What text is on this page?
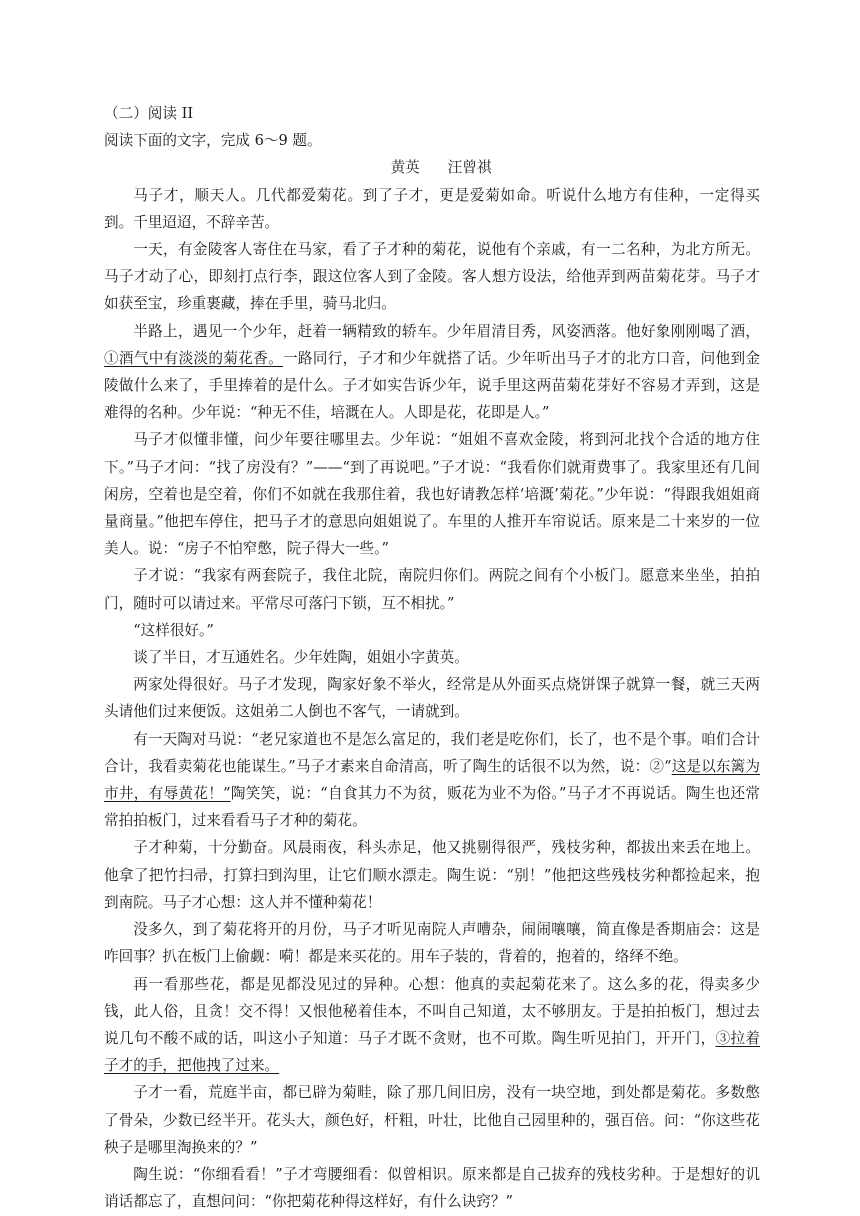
（二）阅读 II
阅读下面的文字，完成 6～9 题。
黄英 汪曾祺

马子才，顺天人。几代都爱菊花。到了子才，更是爱菊如命。听说什么地方有佳种，一定得买到。千里迢迢，不辞辛苦。

一天，有金陵客人寄住在马家，看了子才种的菊花，说他有个亲戚，有一二名种，为北方所无。马子才动了心，即刻打点行李，跟这位客人到了金陵。客人想方设法，给他弄到两苗菊花芽。马子才如获至宝，珍重裹藏，捧在手里，骑马北归。

半路上，遇见一个少年，赶着一辆精致的轿车。少年眉清目秀，风姿洒落。他好象刚刚喝了酒，①酒气中有淡淡的菊花香。一路同行，子才和少年就搭了话。少年听出马子才的北方口音，问他到金陵做什么来了，手里捧着的是什么。子才如实告诉少年，说手里这两苗菊花芽好不容易才弄到，这是难得的名种。少年说：“种无不佳，培溉在人。人即是花，花即是人。”

马子才似懂非懂，问少年要往哪里去。少年说：“姐姐不喜欢金陵，将到河北找个合适的地方住下。”马子才问：“找了房没有？”——“到了再说吧。”子才说：“我看你们就甭费事了。我家里还有几间闲房，空着也是空着，你们不如就在我那住着，我也好请教怎样‘培溉’菊花。”少年说：“得跟我姐姐商量商量。”他把车停住，把马子才的意思向姐姐说了。车里的人推开车帘说话。原来是二十来岁的一位美人。说：“房子不怕窄憋，院子得大一些。”

子才说：“我家有两套院子，我住北院，南院归你们。两院之间有个小板门。愿意来坐坐，拍拍门，随时可以请过来。平常尽可落闩下锁，互不相扰。”

“这样很好。”

谈了半日，才互通姓名。少年姓陶，姐姐小字黄英。

两家处得很好。马子才发现，陶家好象不举火，经常是从外面买点烧饼馃子就算一餐，就三天两头请他们过来便饭。这姐弟二人倒也不客气，一请就到。

有一天陶对马说：“老兄家道也不是怎么富足的，我们老是吃你们，长了，也不是个事。咱们合计合计，我看卖菊花也能谋生。”马子才素来自命清高，听了陶生的话很不以为然，说：②“这是以东篱为市井，有辱黄花！”陶笑笑，说：“自食其力不为贫，贩花为业不为俗。”马子才不再说话。陶生也还常常拍拍板门，过来看看马子才种的菊花。

子才种菊，十分勤奋。风晨雨夜，科头赤足，他又挑剔得很严，残枝劣种，都拔出来丢在地上。他拿了把竹扫帚，打算扫到沟里，让它们顺水漂走。陶生说：“别！”他把这些残枝劣种都捡起来，抱到南院。马子才心想：这人并不懂种菊花！

没多久，到了菊花将开的月份，马子才听见南院人声嘈杂，闹闹嚷嚷，简直像是香期庙会：这是咋回事？扒在板门上偷觑：嗬！都是来买花的。用车子装的，背着的，抱着的，络绎不绝。

再一看那些花，都是见都没见过的异种。心想：他真的卖起菊花来了。这么多的花，得卖多少钱，此人俗，且贪！交不得！又恨他秘着佳本，不叫自己知道，太不够朋友。于是拍拍板门，想过去说几句不酸不咸的话，叫这小子知道：马子才既不贪财，也不可欺。陶生听见拍门，开开门，③拉着子才的手，把他拽了过来。

子才一看，荒庭半亩，都已辟为菊畦，除了那几间旧房，没有一块空地，到处都是菊花。多数憋了骨朵，少数已经半开。花头大，颜色好，杆粗，叶壮，比他自己园里种的，强百倍。问：“你这些花秧子是哪里淘换来的？”

陶生说：“你细看看！”子才弯腰细看：似曾相识。原来都是自己拔弃的残枝劣种。于是想好的讥诮话都忘了，直想问问：“你把菊花种得这样好，有什么诀窍？”
